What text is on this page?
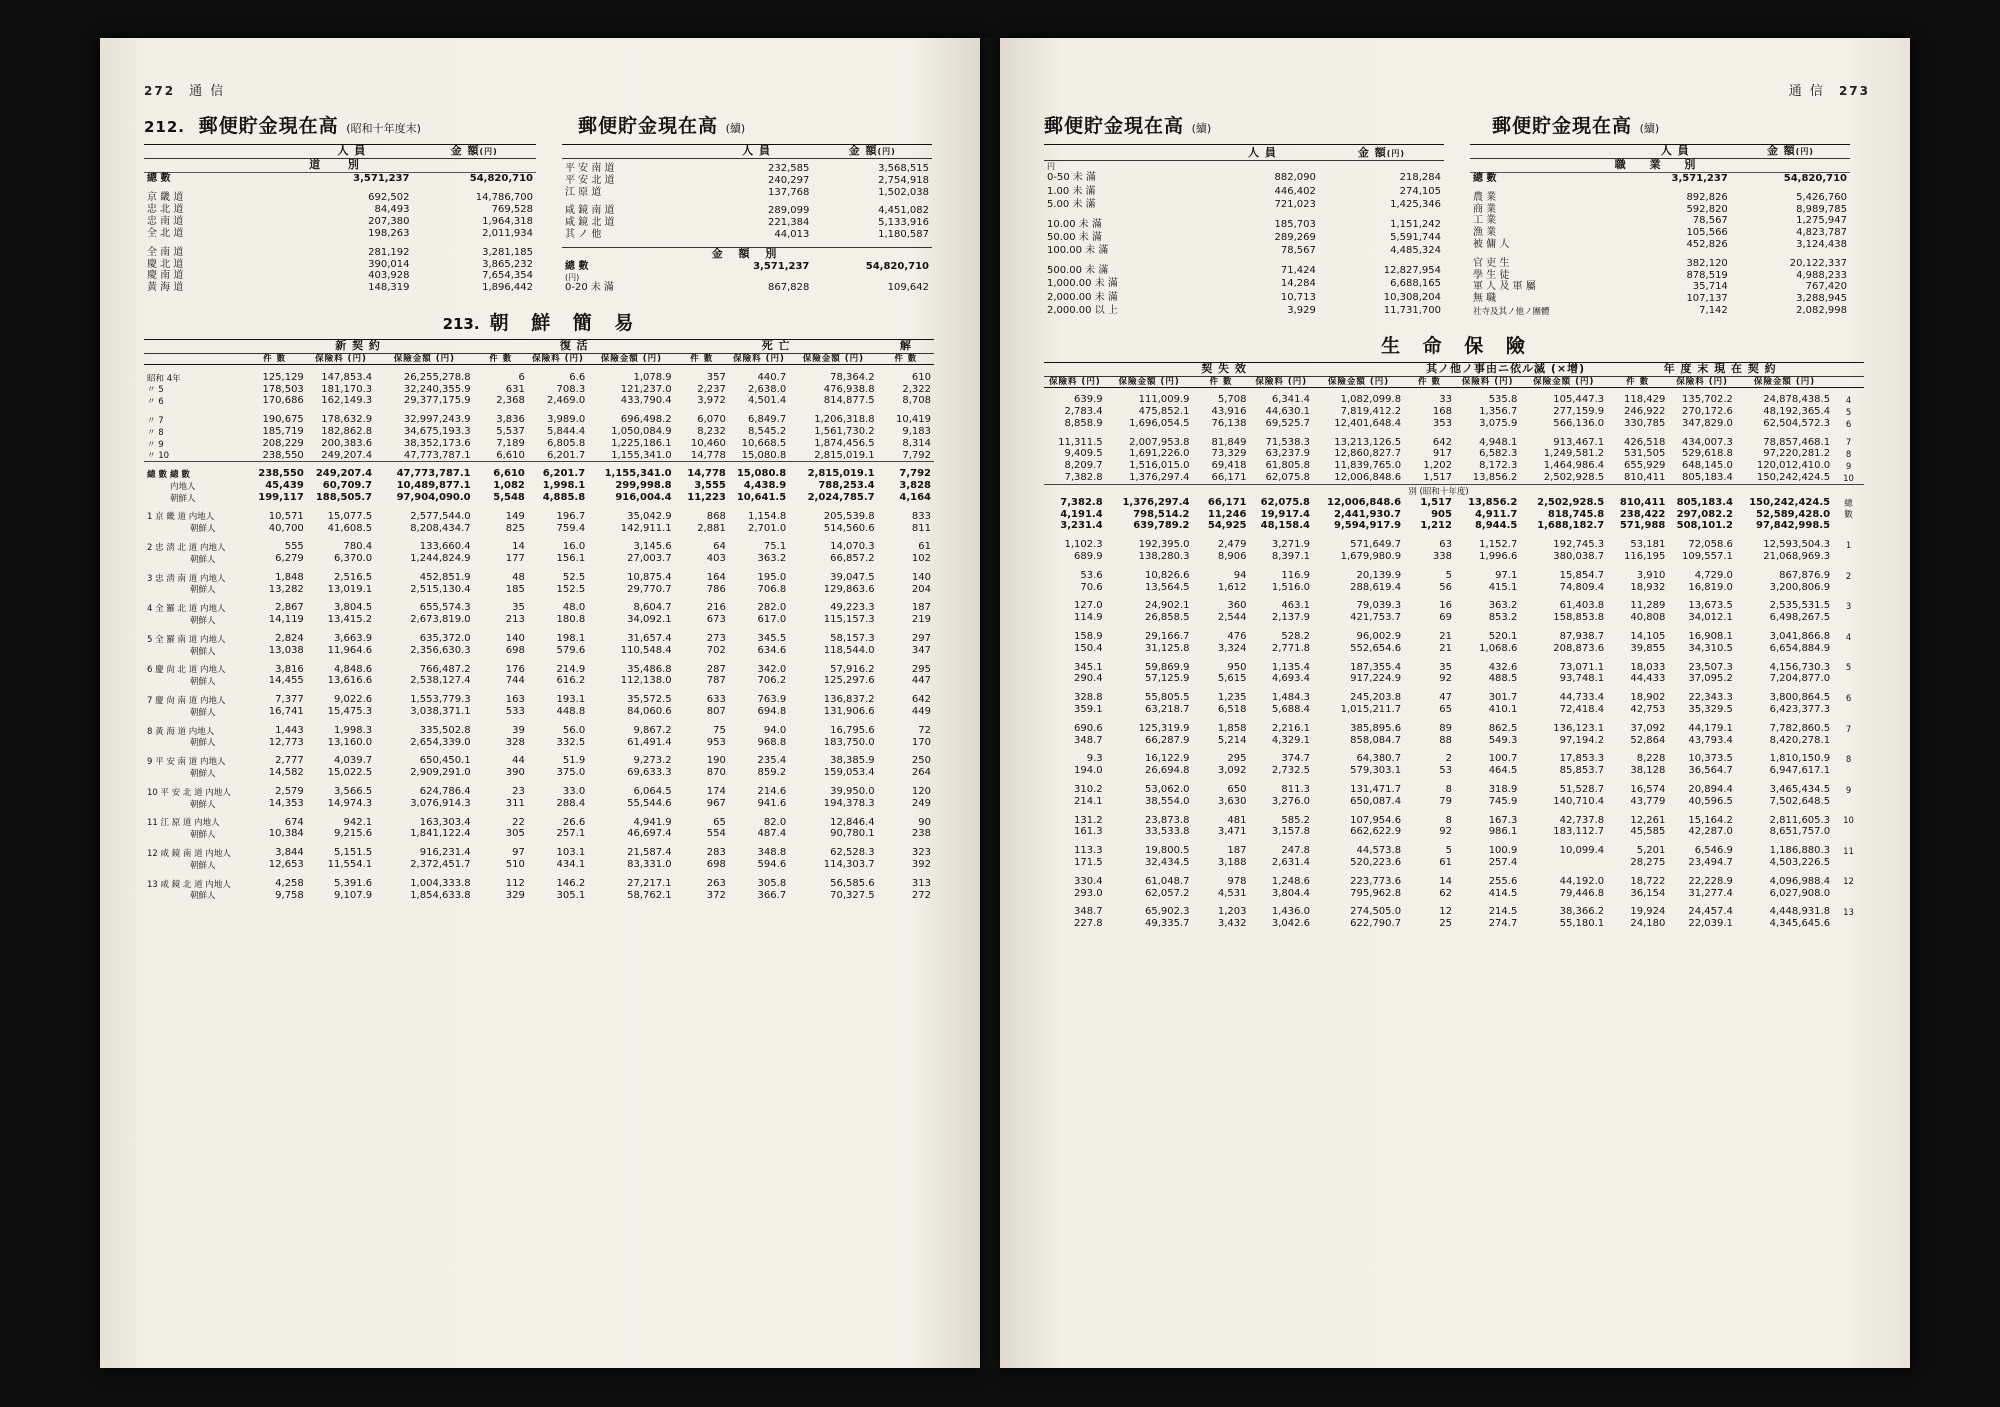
272 通 信
212. 郵便貯金現在高 (昭和十年度末)	郵便貯金現在高 (續)
	人 員	金 額(円)
道 別		

總 數	3,571,237	54,820,710

京 畿 道	692,502	14,786,700
忠 北 道	84,493	769,528
忠 南 道	207,380	1,964,318
全 北 道	198,263	2,011,934

全 南 道	281,192	3,281,185
慶 北 道	390,014	3,865,232
慶 南 道	403,928	7,654,354
黃 海 道	148,319	1,896,442
	人 員	金 額(円)

平 安 南 道	232,585	3,568,515
平 安 北 道	240,297	2,754,918
江 原 道	137,768	1,502,038

咸 鏡 南 道	289,099	4,451,082
咸 鏡 北 道	221,384	5,133,916
其 ノ 他	44,013	1,180,587

金 額 別		
總 數	3,571,237	54,820,710
(円)		
0-20 未 滿	867,828	109,642
213. 朝 鮮 簡 易
	新 契 約			復 活			死 亡			解
	件 數	保險料 (円)	保險金額 (円)	件 數	保險料 (円)	保險金額 (円)	件 數	保險料 (円)	保險金額 (円)	件 數

昭和 4年	125,129	147,853.4	26,255,278.8	6	6.6	1,078.9	357	440.7	78,364.2	610
〃 5	178,503	181,170.3	32,240,355.9	631	708.3	121,237.0	2,237	2,638.0	476,938.8	2,322
〃 6	170,686	162,149.3	29,377,175.9	2,368	2,469.0	433,790.4	3,972	4,501.4	814,877.5	8,708

〃 7	190,675	178,632.9	32,997,243.9	3,836	3,989.0	696,498.2	6,070	6,849.7	1,206,318.8	10,419
〃 8	185,719	182,862.8	34,675,193.3	5,537	5,844.4	1,050,084.9	8,232	8,545.2	1,561,730.2	9,183
〃 9	208,229	200,383.6	38,352,173.6	7,189	6,805.8	1,225,186.1	10,460	10,668.5	1,874,456.5	8,314
〃 10	238,550	249,207.4	47,773,787.1	6,610	6,201.7	1,155,341.0	14,778	15,080.8	2,815,019.1	7,792

總 數 總 數	238,550	249,207.4	47,773,787.1	6,610	6,201.7	1,155,341.0	14,778	15,080.8	2,815,019.1	7,792
内地人	45,439	60,709.7	10,489,877.1	1,082	1,998.1	299,998.8	3,555	4,438.9	788,253.4	3,828
朝鮮人	199,117	188,505.7	97,904,090.0	5,548	4,885.8	916,004.4	11,223	10,641.5	2,024,785.7	4,164

1 京 畿 道 内地人	10,571	15,077.5	2,577,544.0	149	196.7	35,042.9	868	1,154.8	205,539.8	833
朝鮮人	40,700	41,608.5	8,208,434.7	825	759.4	142,911.1	2,881	2,701.0	514,560.6	811

2 忠 淸 北 道 内地人	555	780.4	133,660.4	14	16.0	3,145.6	64	75.1	14,070.3	61
朝鮮人	6,279	6,370.0	1,244,824.9	177	156.1	27,003.7	403	363.2	66,857.2	102

3 忠 淸 南 道 内地人	1,848	2,516.5	452,851.9	48	52.5	10,875.4	164	195.0	39,047.5	140
朝鮮人	13,282	13,019.1	2,515,130.4	185	152.5	29,770.7	786	706.8	129,863.6	204

4 全 羅 北 道 内地人	2,867	3,804.5	655,574.3	35	48.0	8,604.7	216	282.0	49,223.3	187
朝鮮人	14,119	13,415.2	2,673,819.0	213	180.8	34,092.1	673	617.0	115,157.3	219

5 全 羅 南 道 内地人	2,824	3,663.9	635,372.0	140	198.1	31,657.4	273	345.5	58,157.3	297
朝鮮人	13,038	11,964.6	2,356,630.3	698	579.6	110,548.4	702	634.6	118,544.0	347

6 慶 尙 北 道 内地人	3,816	4,848.6	766,487.2	176	214.9	35,486.8	287	342.0	57,916.2	295
朝鮮人	14,455	13,616.6	2,538,127.4	744	616.2	112,138.0	787	706.2	125,297.6	447

7 慶 尙 南 道 内地人	7,377	9,022.6	1,553,779.3	163	193.1	35,572.5	633	763.9	136,837.2	642
朝鮮人	16,741	15,475.3	3,038,371.1	533	448.8	84,060.6	807	694.8	131,906.6	449

8 黃 海 道 内地人	1,443	1,998.3	335,502.8	39	56.0	9,867.2	75	94.0	16,795.6	72
朝鮮人	12,773	13,160.0	2,654,339.0	328	332.5	61,491.4	953	968.8	183,750.0	170

9 平 安 南 道 内地人	2,777	4,039.7	650,450.1	44	51.9	9,273.2	190	235.4	38,385.9	250
朝鮮人	14,582	15,022.5	2,909,291.0	390	375.0	69,633.3	870	859.2	159,053.4	264

10 平 安 北 道 内地人	2,579	3,566.5	624,786.4	23	33.0	6,064.5	174	214.6	39,950.0	120
朝鮮人	14,353	14,974.3	3,076,914.3	311	288.4	55,544.6	967	941.6	194,378.3	249

11 江 原 道 内地人	674	942.1	163,303.4	22	26.6	4,941.9	65	82.0	12,846.4	90
朝鮮人	10,384	9,215.6	1,841,122.4	305	257.1	46,697.4	554	487.4	90,780.1	238

12 咸 鏡 南 道 内地人	3,844	5,151.5	916,231.4	97	103.1	21,587.4	283	348.8	62,528.3	323
朝鮮人	12,653	11,554.1	2,372,451.7	510	434.1	83,331.0	698	594.6	114,303.7	392

13 咸 鏡 北 道 内地人	4,258	5,391.6	1,004,333.8	112	146.2	27,217.1	263	305.8	56,585.6	313
朝鮮人	9,758	9,107.9	1,854,633.8	329	305.1	58,762.1	372	366.7	70,327.5	272
通 信 273
郵便貯金現在高 (續)	郵便貯金現在高 (續)
	人 員	金 額(円)
円		
0-50 未 滿	882,090	218,284
1.00 未 滿	446,402	274,105
5.00 未 滿	721,023	1,425,346

10.00 未 滿	185,703	1,151,242
50.00 未 滿	289,269	5,591,744
100.00 未 滿	78,567	4,485,324

500.00 未 滿	71,424	12,827,954
1,000.00 未 滿	14,284	6,688,165
2,000.00 未 滿	10,713	10,308,204
2,000.00 以 上	3,929	11,731,700
	人 員	金 額(円)
職 業 別		

總 數	3,571,237	54,820,710

農 業	892,826	5,426,760
商 業	592,820	8,989,785
工 業	78,567	1,275,947
漁 業	105,566	4,823,787
被 傭 人	452,826	3,124,438

官 吏 生	382,120	20,122,337
學 生 徒	878,519	4,988,233
軍 人 及 軍 屬	35,714	767,420
無 職	107,137	3,288,945
社寺及其ノ他ノ團體	7,142	2,082,998
生 命 保 險
契 失 效					其ノ他ノ事由ニ依ル滅 (×增)			年 度 末 現 在 契 約			
保險料 (円)	保險金額 (円)	件 數	保險料 (円)	保險金額 (円)	件 數	保險料 (円)	保險金額 (円)	件 數	保險料 (円)	保險金額 (円)	

639.9	111,009.9	5,708	6,341.4	1,082,099.8	33	535.8	105,447.3	118,429	135,702.2	24,878,438.5	4
2,783.4	475,852.1	43,916	44,630.1	7,819,412.2	168	1,356.7	277,159.9	246,922	270,172.6	48,192,365.4	5
8,858.9	1,696,054.5	76,138	69,525.7	12,401,648.4	353	3,075.9	566,136.0	330,785	347,829.0	62,504,572.3	6

11,311.5	2,007,953.8	81,849	71,538.3	13,213,126.5	642	4,948.1	913,467.1	426,518	434,007.3	78,857,468.1	7
9,409.5	1,691,226.0	73,329	63,237.9	12,860,827.7	917	6,582.3	1,249,581.2	531,505	529,618.8	97,220,281.2	8
8,209.7	1,516,015.0	69,418	61,805.8	11,839,765.0	1,202	8,172.3	1,464,986.4	655,929	648,145.0	120,012,410.0	9
7,382.8	1,376,297.4	66,171	62,075.8	12,006,848.6	1,517	13,856.2	2,502,928.5	810,411	805,183.4	150,242,424.5	10
別 (昭和十年度)											
7,382.8	1,376,297.4	66,171	62,075.8	12,006,848.6	1,517	13,856.2	2,502,928.5	810,411	805,183.4	150,242,424.5	總
4,191.4	798,514.2	11,246	19,917.4	2,441,930.7	905	4,911.7	818,745.8	238,422	297,082.2	52,589,428.0	數
3,231.4	639,789.2	54,925	48,158.4	9,594,917.9	1,212	8,944.5	1,688,182.7	571,988	508,101.2	97,842,998.5	

1,102.3	192,395.0	2,479	3,271.9	571,649.7	63	1,152.7	192,745.3	53,181	72,058.6	12,593,504.3	1
689.9	138,280.3	8,906	8,397.1	1,679,980.9	338	1,996.6	380,038.7	116,195	109,557.1	21,068,969.3	

53.6	10,826.6	94	116.9	20,139.9	5	97.1	15,854.7	3,910	4,729.0	867,876.9	2
70.6	13,564.5	1,612	1,516.0	288,619.4	56	415.1	74,809.4	18,932	16,819.0	3,200,806.9	

127.0	24,902.1	360	463.1	79,039.3	16	363.2	61,403.8	11,289	13,673.5	2,535,531.5	3
114.9	26,858.5	2,544	2,137.9	421,753.7	69	853.2	158,853.8	40,808	34,012.1	6,498,267.5	

158.9	29,166.7	476	528.2	96,002.9	21	520.1	87,938.7	14,105	16,908.1	3,041,866.8	4
150.4	31,125.8	3,324	2,771.8	552,654.6	21	1,068.6	208,873.6	39,855	34,310.5	6,654,884.9	

345.1	59,869.9	950	1,135.4	187,355.4	35	432.6	73,071.1	18,033	23,507.3	4,156,730.3	5
290.4	57,125.9	5,615	4,693.4	917,224.9	92	488.5	93,748.1	44,433	37,095.2	7,204,877.0	

328.8	55,805.5	1,235	1,484.3	245,203.8	47	301.7	44,733.4	18,902	22,343.3	3,800,864.5	6
359.1	63,218.7	6,518	5,688.4	1,015,211.7	65	410.1	72,418.4	42,753	35,329.5	6,423,377.3	

690.6	125,319.9	1,858	2,216.1	385,895.6	89	862.5	136,123.1	37,092	44,179.1	7,782,860.5	7
348.7	66,287.9	5,214	4,329.1	858,084.7	88	549.3	97,194.2	52,864	43,793.4	8,420,278.1	

9.3	16,122.9	295	374.7	64,380.7	2	100.7	17,853.3	8,228	10,373.5	1,810,150.9	8
194.0	26,694.8	3,092	2,732.5	579,303.1	53	464.5	85,853.7	38,128	36,564.7	6,947,617.1	

310.2	53,062.0	650	811.3	131,471.7	8	318.9	51,528.7	16,574	20,894.4	3,465,434.5	9
214.1	38,554.0	3,630	3,276.0	650,087.4	79	745.9	140,710.4	43,779	40,596.5	7,502,648.5	

131.2	23,873.8	481	585.2	107,954.6	8	167.3	42,737.8	12,261	15,164.2	2,811,605.3	10
161.3	33,533.8	3,471	3,157.8	662,622.9	92	986.1	183,112.7	45,585	42,287.0	8,651,757.0	

113.3	19,800.5	187	247.8	44,573.8	5	100.9	10,099.4	5,201	6,546.9	1,186,880.3	11
171.5	32,434.5	3,188	2,631.4	520,223.6	61	257.4		28,275	23,494.7	4,503,226.5	

330.4	61,048.7	978	1,248.6	223,773.6	14	255.6	44,192.0	18,722	22,228.9	4,096,988.4	12
293.0	62,057.2	4,531	3,804.4	795,962.8	62	414.5	79,446.8	36,154	31,277.4	6,027,908.0	

348.7	65,902.3	1,203	1,436.0	274,505.0	12	214.5	38,366.2	19,924	24,457.4	4,448,931.8	13
227.8	49,335.7	3,432	3,042.6	622,790.7	25	274.7	55,180.1	24,180	22,039.1	4,345,645.6	
